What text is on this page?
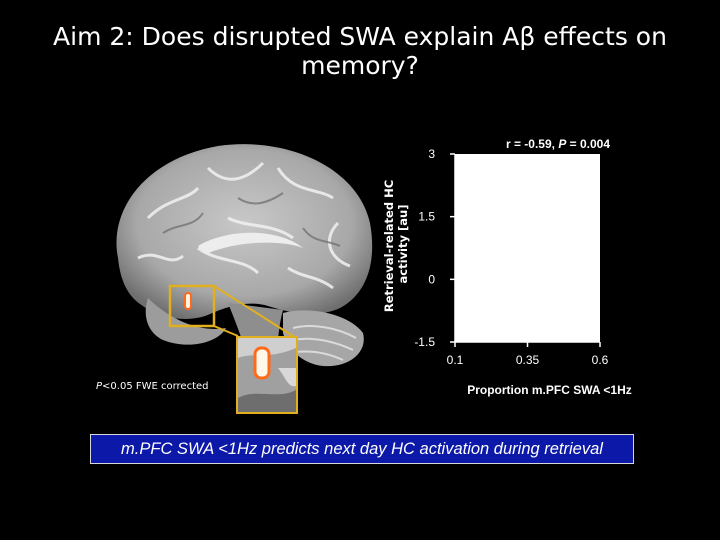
Aim 2: Does disrupted SWA explain Aβ effects on memory?
P<0.05 FWE corrected
r = -0.59, P = 0.004
Retrieval-related HC activity [au]
Proportion m.PFC SWA <1Hz
3
1.5
0
-1.5
0.1	0.35	0.6
m.PFC SWA <1Hz predicts next day HC activation during retrieval
